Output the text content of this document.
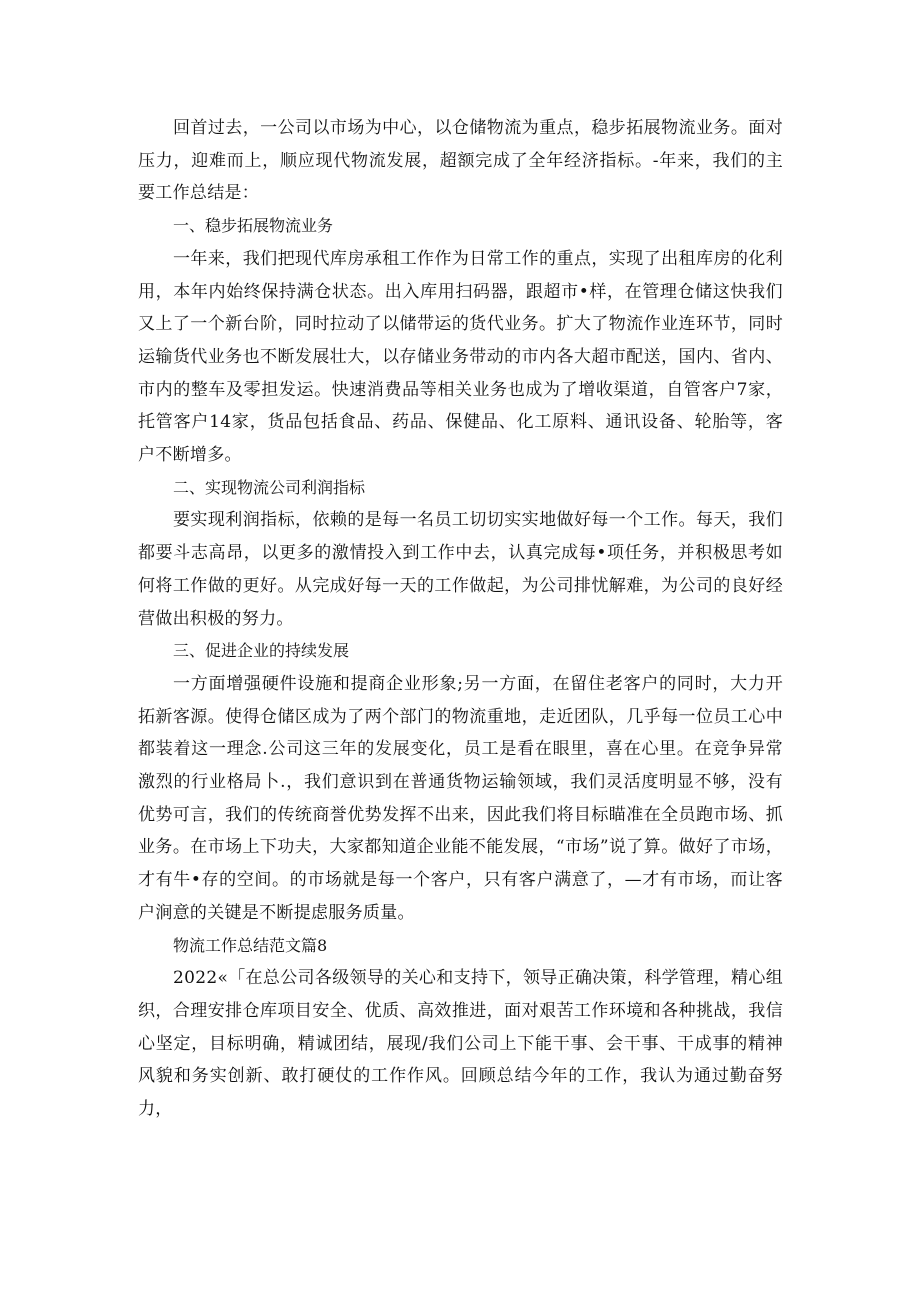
回首过去，一公司以市场为中心，以仓储物流为重点，稳步拓展物流业务。面对压力，迎难而上，顺应现代物流发展，超额完成了全年经济指标。-年来，我们的主要工作总结是：

一、稳步拓展物流业务

一年来，我们把现代库房承租工作作为日常工作的重点，实现了出租库房的化利用，本年内始终保持满仓状态。出入库用扫码器，跟超市•样，在管理仓储这快我们又上了一个新台阶，同时拉动了以储带运的货代业务。扩大了物流作业连环节，同时运输货代业务也不断发展壮大，以存储业务带动的市内各大超市配送，国内、省内、市内的整车及零担发运。快速消费品等相关业务也成为了增收渠道，自管客户7家，托管客户14家，货品包括食品、药品、保健品、化工原料、通讯设备、轮胎等，客户不断增多。

二、实现物流公司利润指标

要实现利润指标，依赖的是每一名员工切切实实地做好每一个工作。每天，我们都要斗志高昂，以更多的激情投入到工作中去，认真完成每•项任务，并积极思考如何将工作做的更好。从完成好每一天的工作做起，为公司排忧解难，为公司的良好经营做出积极的努力。

三、促进企业的持续发展

一方面增强硬件设施和提商企业形象;另一方面，在留住老客户的同时，大力开拓新客源。使得仓储区成为了两个部门的物流重地，走近团队，几乎每一位员工心中都装着这一理念.公司这三年的发展变化，员工是看在眼里，喜在心里。在竞争异常激烈的行业格局卜.，我们意识到在普通货物运输领域，我们灵活度明显不够，没有优势可言，我们的传统商誉优势发挥不出来，因此我们将目标瞄准在全员跑市场、抓业务。在市场上下功夫，大家都知道企业能不能发展，“市场”说了算。做好了市场，才有牛•存的空间。的市场就是每一个客户，只有客户满意了，—才有市场，而让客户涧意的关键是不断提虑服务质量。

物流工作总结范文篇8

2022«「在总公司各级领导的关心和支持下，领导正确决策，科学管理，精心组织，合理安排仓库项目安全、优质、高效推进，面对艰苦工作环境和各种挑战，我信心坚定，目标明确，精诚团结，展现/我们公司上下能干事、会干事、干成事的精神风貌和务实创新、敢打硬仗的工作作风。回顾总结今年的工作，我认为通过勤奋努力，
